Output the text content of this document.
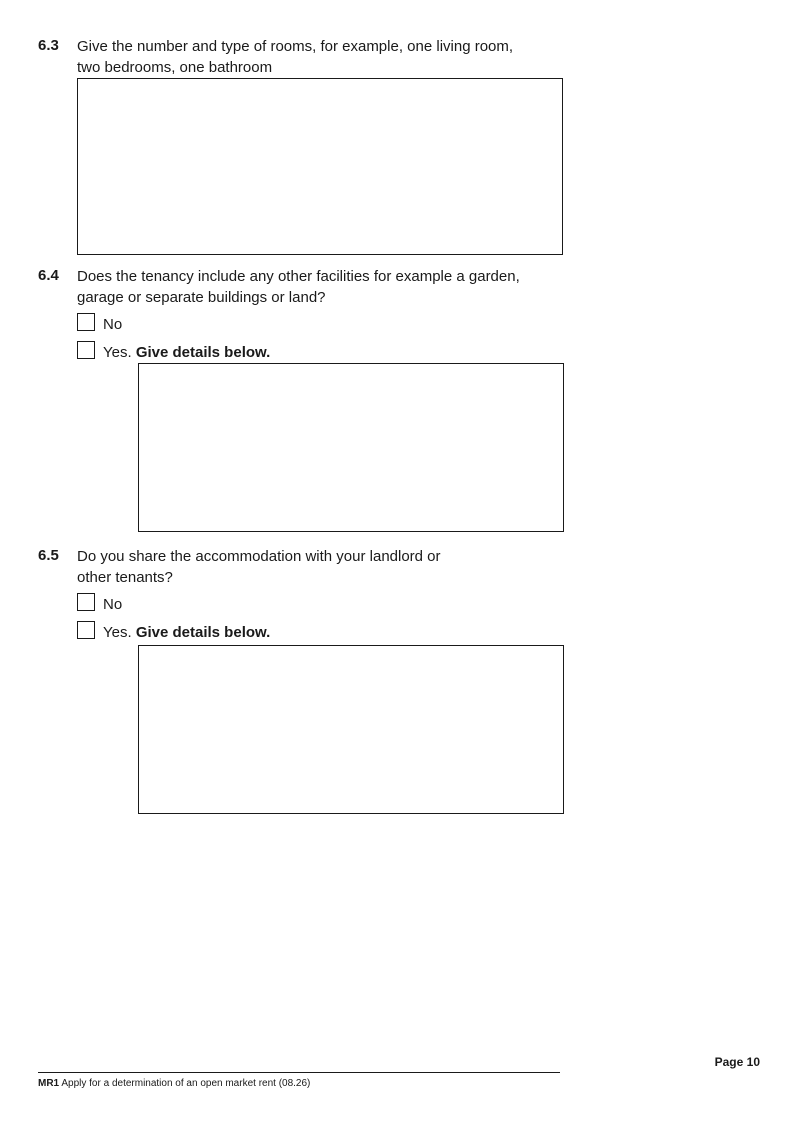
6.3 Give the number and type of rooms, for example, one living room,
two bedrooms, one bathroom
6.4 Does the tenancy include any other facilities for example a garden,
garage or separate buildings or land?
No
Yes. Give details below.
6.5 Do you share the accommodation with your landlord or
other tenants?
No
Yes. Give details below.
Page 10
MR1 Apply for a determination of an open market rent (08.26)
